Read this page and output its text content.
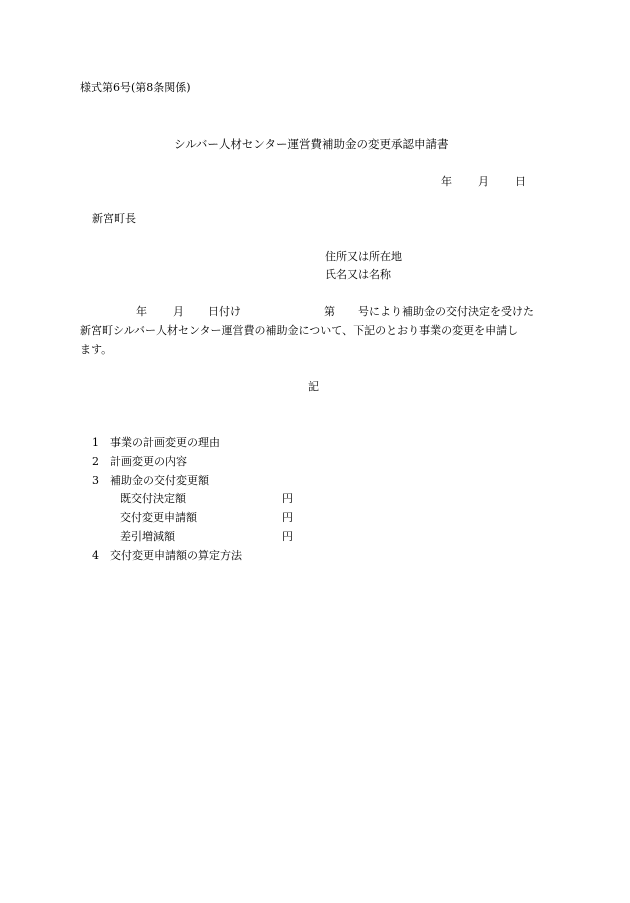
様式第6号(第8条関係)
シルバー人材センター運営費補助金の変更承認申請書
年 月 日
新宮町長
住所又は所在地
氏名又は名称
年 月 日付け	第 号により補助金の交付決定を受けた
新宮町シルバー人材センター運営費の補助金について、下記のとおり事業の変更を申請し
ます。
記
1 事業の計画変更の理由
2 計画変更の内容
3 補助金の交付変更額
既交付決定額	円
交付変更申請額	円
差引増減額	円
4 交付変更申請額の算定方法
